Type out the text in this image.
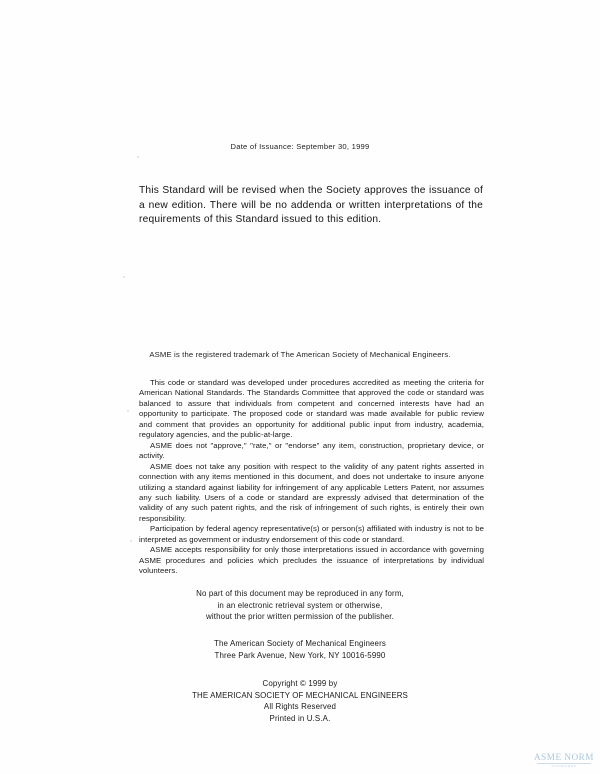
Date of Issuance: September 30, 1999

This Standard will be revised when the Society approves the issuance of a new edition. There will be no addenda or written interpretations of the requirements of this Standard issued to this edition.

ASME is the registered trademark of The American Society of Mechanical Engineers.

This code or standard was developed under procedures accredited as meeting the criteria for American National Standards. The Standards Committee that approved the code or standard was balanced to assure that individuals from competent and concerned interests have had an opportunity to participate. The proposed code or standard was made available for public review and comment that provides an opportunity for additional public input from industry, academia, regulatory agencies, and the public-at-large.

ASME does not "approve," "rate," or "endorse" any item, construction, proprietary device, or activity.

ASME does not take any position with respect to the validity of any patent rights asserted in connection with any items mentioned in this document, and does not undertake to insure anyone utilizing a standard against liability for infringement of any applicable Letters Patent, nor assumes any such liability. Users of a code or standard are expressly advised that determination of the validity of any such patent rights, and the risk of infringement of such rights, is entirely their own responsibility.

Participation by federal agency representative(s) or person(s) affiliated with industry is not to be interpreted as government or industry endorsement of this code or standard.

ASME accepts responsibility for only those interpretations issued in accordance with governing ASME procedures and policies which precludes the issuance of interpretations by individual volunteers.

No part of this document may be reproduced in any form,
in an electronic retrieval system or otherwise,
without the prior written permission of the publisher.
The American Society of Mechanical Engineers
Three Park Avenue, New York, NY 10016-5990
Copyright © 1999 by
THE AMERICAN SOCIETY OF MECHANICAL ENGINEERS
All Rights Reserved
Printed in U.S.A.
ASME NORM
STANDARDS
